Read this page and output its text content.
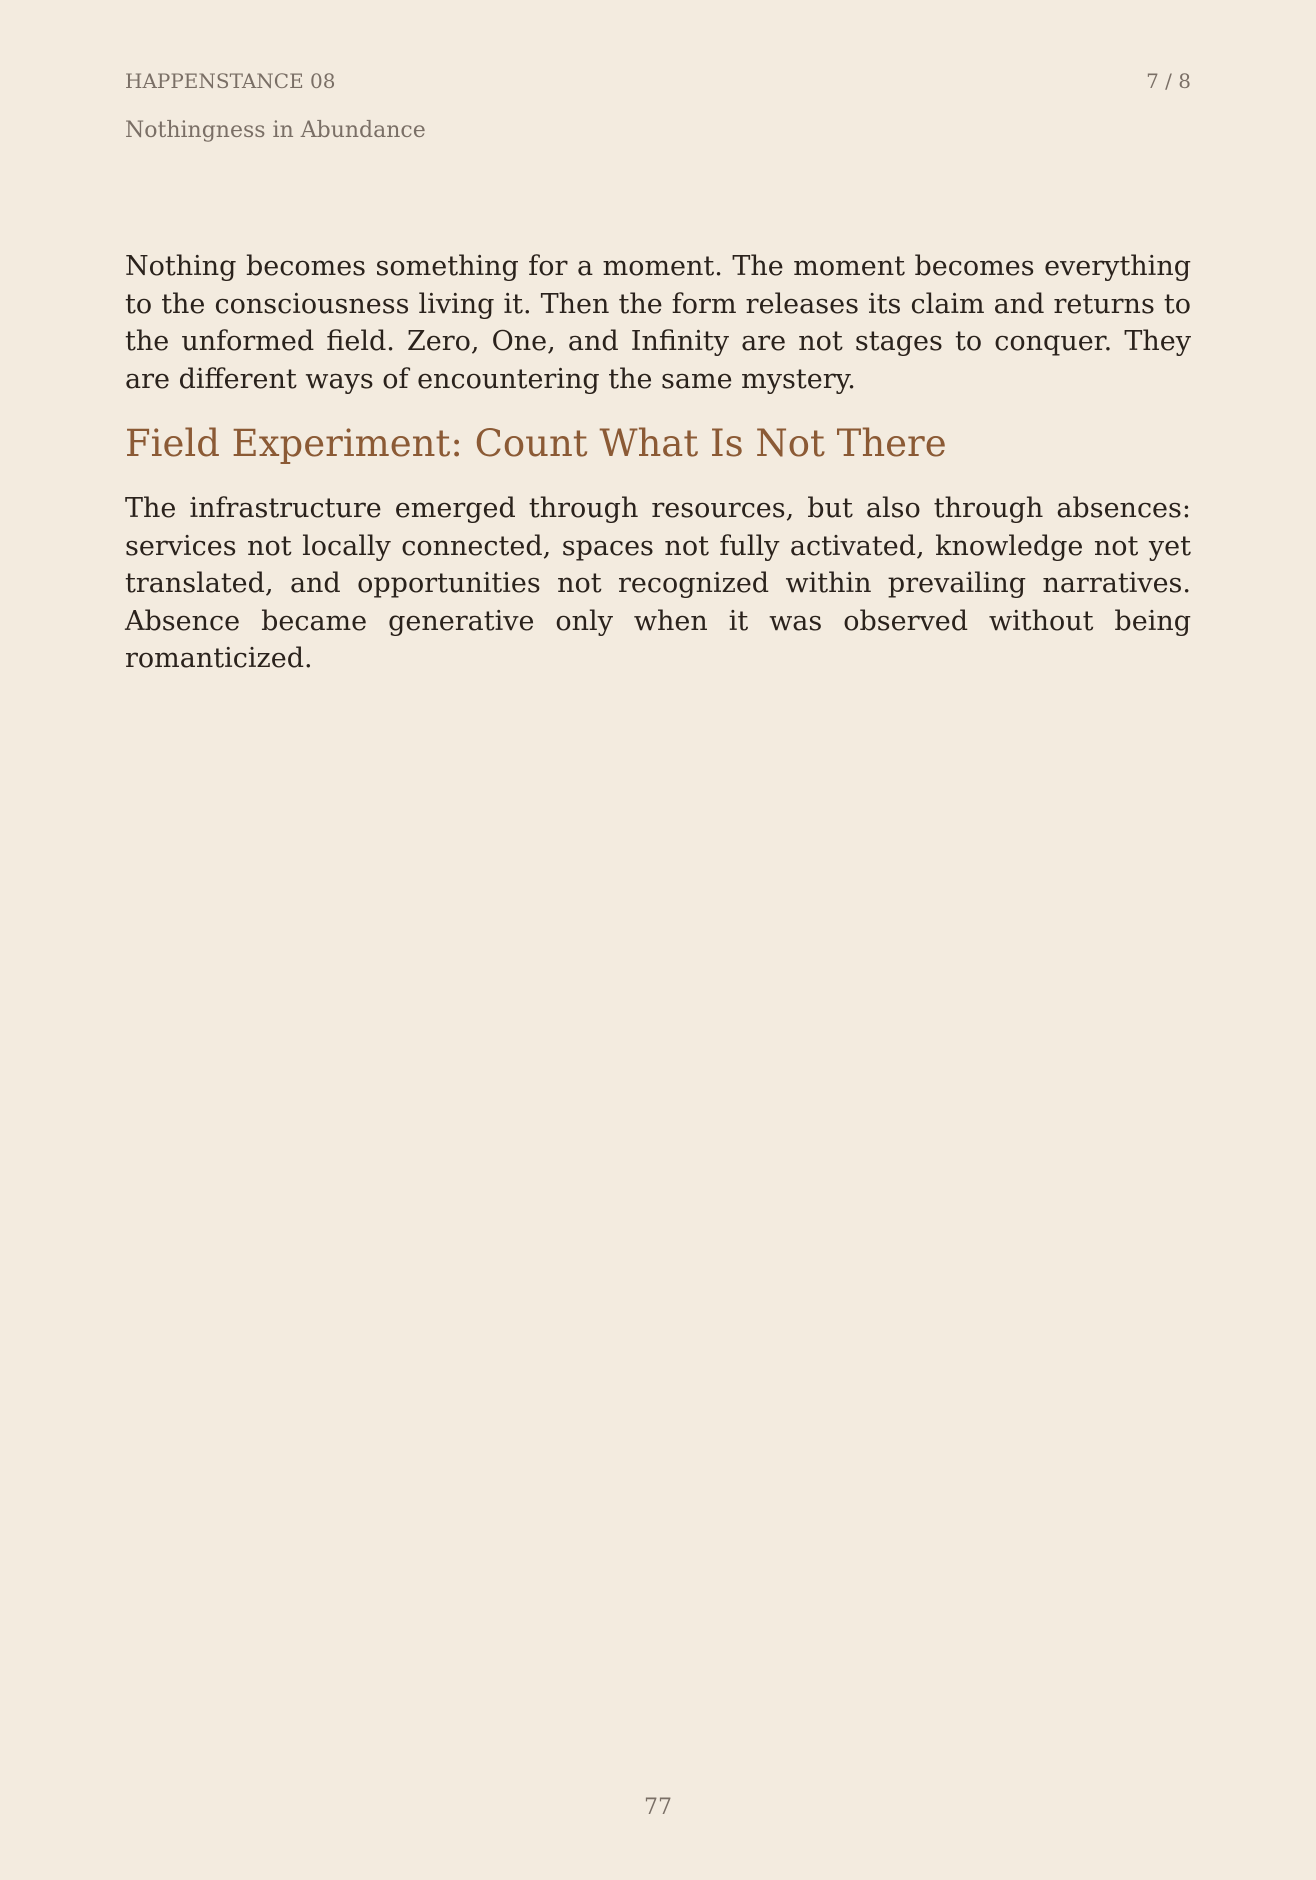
HAPPENSTANCE 08	7 / 8
Nothingness in Abundance

Nothing becomes something for a moment. The moment becomes everything to the consciousness living it. Then the form releases its claim and returns to the unformed field. Zero, One, and Infinity are not stages to conquer. They are different ways of encountering the same mystery.

Field Experiment: Count What Is Not There

The infrastructure emerged through resources, but also through absences: services not locally connected, spaces not fully activated, knowledge not yet translated, and opportunities not recognized within prevailing narratives. Absence became generative only when it was observed without being romanticized.

77
